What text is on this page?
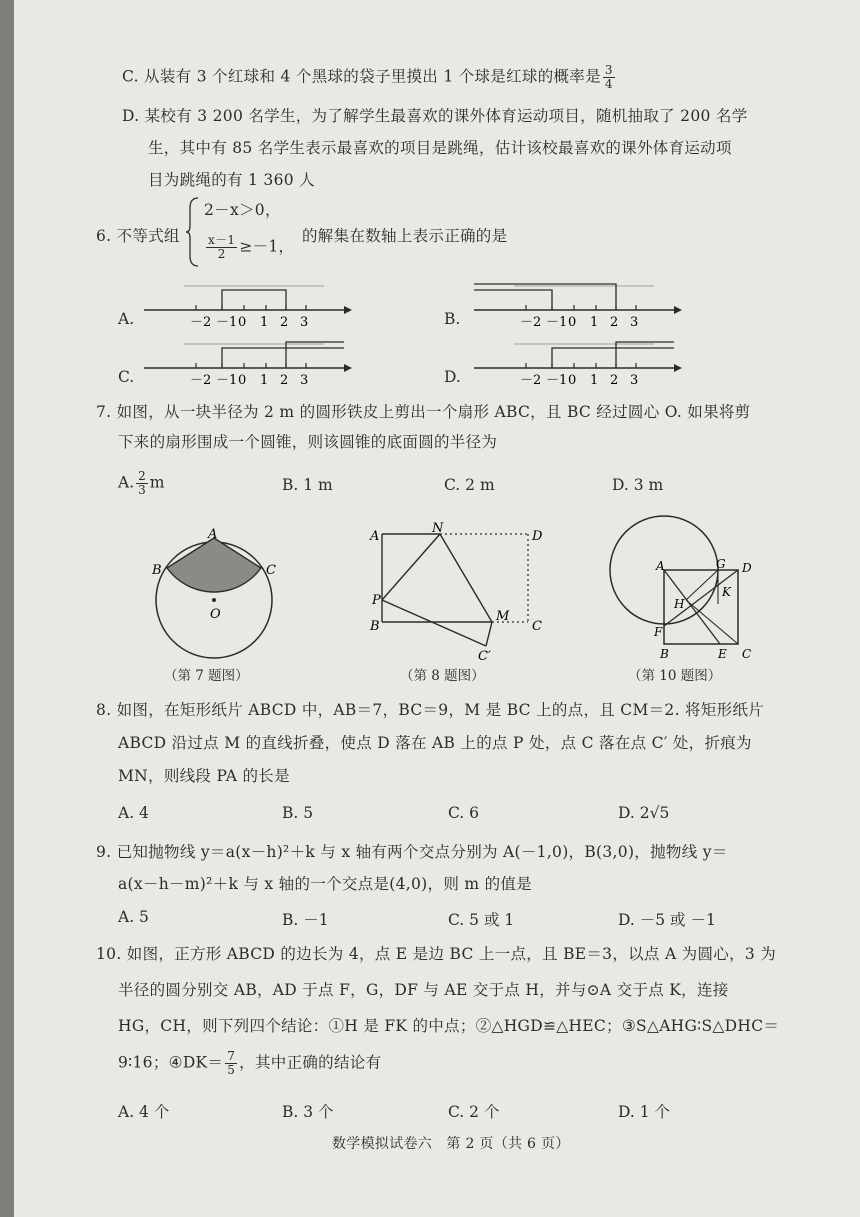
C. 从装有 3 个红球和 4 个黑球的袋子里摸出 1 个球是红球的概率是 $\frac{3}{4}$
D. 某校有 3 200 名学生，为了解学生最喜欢的课外体育运动项目，随机抽取了 200 名学
生，其中有 85 名学生表示最喜欢的项目是跳绳，估计该校最喜欢的课外体育运动项
目为跳绳的有 1 360 人
6. 不等式组
2－x＞0，
$\frac{x-1}{2} \ge-1$，
的解集在数轴上表示正确的是
A.	－2 －1 0 1 2 3	B.	－2 －1 0 1 2 3
C.	－2 －1 0 1 2 3	D.	－2 －1 0 1 2 3
7. 如图，从一块半径为 2 m 的圆形铁皮上剪出一个扇形 ABC，且 BC 经过圆心 O. 如果将剪
下来的扇形围成一个圆锥，则该圆锥的底面圆的半径为
A. $\frac{2}{3}$ m	B. 1 m	C. 2 m	D. 3 m
A
B	C
O
（第 7 题图）
A
N
D
P
B
M
C
C′
（第 8 题图）
A	G D
H
K
F
B	E C
（第 10 题图）
8. 如图，在矩形纸片 ABCD 中，AB＝7，BC＝9，M 是 BC 上的点，且 CM＝2. 将矩形纸片
ABCD 沿过点 M 的直线折叠，使点 D 落在 AB 上的点 P 处，点 C 落在点 C′ 处，折痕为
MN，则线段 PA 的长是
A. 4	B. 5	C. 6	D. 2√5
9. 已知抛物线 y＝a(x－h)²＋k 与 x 轴有两个交点分别为 A(－1,0)，B(3,0)，抛物线 y＝
a(x－h－m)²＋k 与 x 轴的一个交点是(4,0)，则 m 的值是
A. 5	B. －1	C. 5 或 1	D. －5 或 －1
10. 如图，正方形 ABCD 的边长为 4，点 E 是边 BC 上一点，且 BE＝3，以点 A 为圆心，3 为
半径的圆分别交 AB，AD 于点 F，G，DF 与 AE 交于点 H，并与⊙A 交于点 K，连接
HG，CH，则下列四个结论：①H 是 FK 的中点；②△HGD≌△HEC；③S△AHG∶S△DHC＝
9∶16；④DK＝ $\frac{7}{5}$ ，其中正确的结论有
A. 4 个	B. 3 个	C. 2 个	D. 1 个
数学模拟试卷六　第 2 页（共 6 页）
